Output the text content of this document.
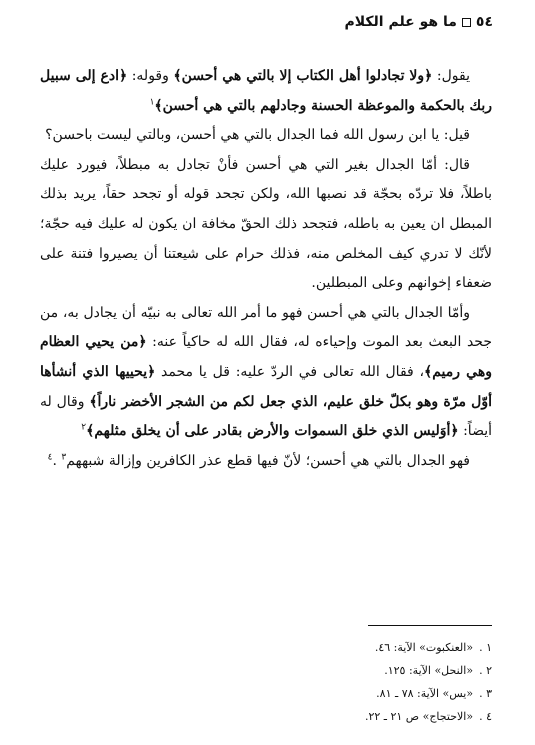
٥٤ما هو علم الكلام

يقول: ﴿ولا تجادلوا أهل الكتاب إلا بالتي هي أحسن﴾ وقوله: ﴿ادع إلى سبيل ربك بالحكمة والموعظة الحسنة وجادلهم بالتي هي أحسن﴾$^١$

قيل: يا ابن رسول الله فما الجدال بالتي هي أحسن، وبالتي ليست باحسن؟

قال: أمّا الجدال بغير التي هي أحسن فأنْ تجادل به مبطلاً، فيورد عليك باطلاً، فلا تردّه بحجّة قد نصبها الله، ولكن تجحد قوله أو تجحد حقاً، يريد بذلك المبطل ان يعين به باطله، فتجحد ذلك الحقّ مخافة ان يكون له عليك فيه حجّة؛ لأنّك لا تدري كيف المخلص منه، فذلك حرام على شيعتنا أن يصيروا فتنة على ضعفاء إخوانهم وعلى المبطلين.

وأمّا الجدال بالتي هي أحسن فهو ما أمر الله تعالى به نبيّه أن يجادل به، من جحد البعث بعد الموت وإحياءه له، فقال الله له حاكياً عنه: ﴿من يحيي العظام وهي رميم﴾، فقال الله تعالى في الردّ عليه: قل يا محمد ﴿يحييها الذي أنشأها أوّل مرّة وهو بكلّ خلق عليم، الذي جعل لكم من الشجر الأخضر ناراً﴾ وقال له أيضاً: ﴿أوَليس الذي خلق السموات والأرض بقادر على أن يخلق مثلهم﴾$^٢$

فهو الجدال بالتي هي أحسن؛ لأنّ فيها قطع عذر الكافرين وإزالة شبههم$^٣$ .$^٤$

١ .«العنكبوت» الآية: ٤٦.
٢ .«النحل» الآية: ١٢٥.
٣ .«يس» الآية: ٧٨ ـ ٨١.
٤ .«الاحتجاج» ص ٢١ ـ ٢٢.
